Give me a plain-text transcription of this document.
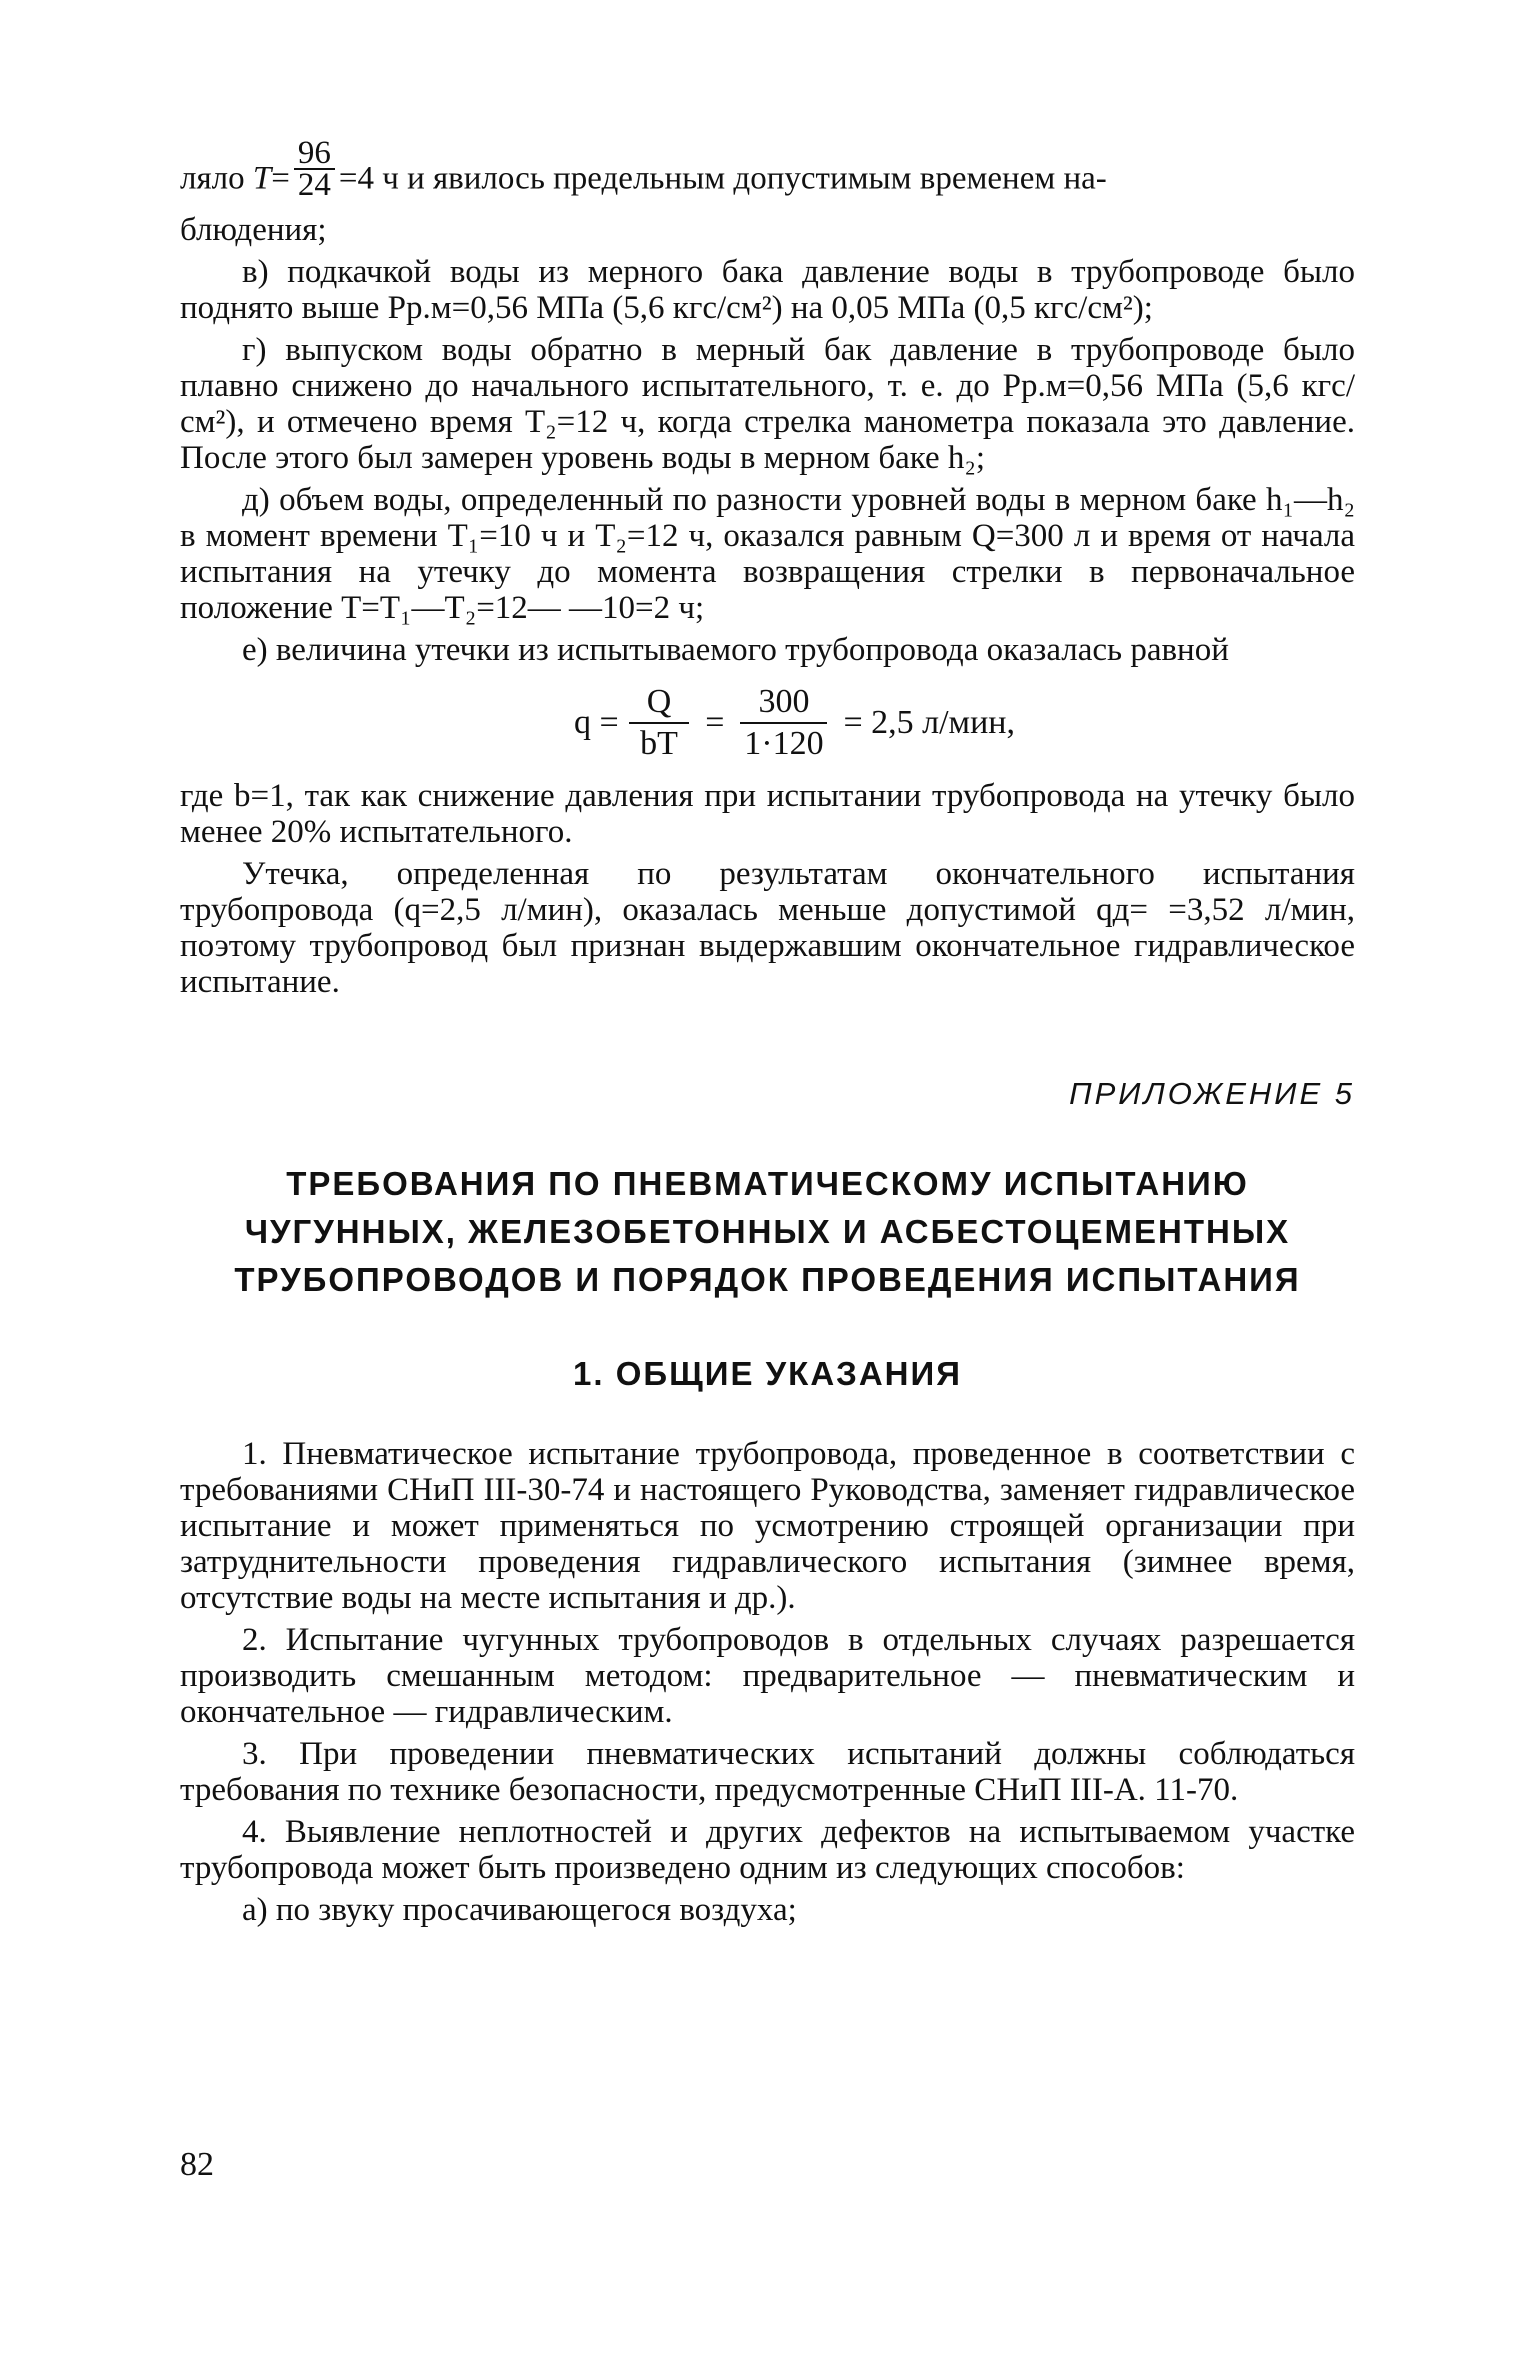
ляло $T= \frac{96}{24} =4$ ч и явилось предельным допустимым временем на-
блюдения;

в) подкачкой воды из мерного бака давление воды в трубопроводе было поднято выше Pр.м=0,56 МПа (5,6 кгс/см²) на 0,05 МПа (0,5 кгс/см²);

г) выпуском воды обратно в мерный бак давление в трубопроводе было плавно снижено до начального испытательного, т. е. до Pр.м=0,56 МПа (5,6 кгс/см²), и отмечено время T₂=12 ч, когда стрелка манометра показала это давление. После этого был замерен уровень воды в мерном баке h₂;

д) объем воды, определенный по разности уровней воды в мерном баке h₁—h₂ в момент времени T₁=10 ч и T₂=12 ч, оказался равным Q=300 л и время от начала испытания на утечку до момента возвращения стрелки в первоначальное положение T=T₁—T₂=12— —10=2 ч;

е) величина утечки из испытываемого трубопровода оказалась равной

$q = \frac{Q}{bT} = \frac{300}{1\cdot 120} = 2,5$ л/мин,

где b=1, так как снижение давления при испытании трубопровода на утечку было менее 20% испытательного.

Утечка, определенная по результатам окончательного испытания трубопровода (q=2,5 л/мин), оказалась меньше допустимой qд= =3,52 л/мин, поэтому трубопровод был признан выдержавшим окончательное гидравлическое испытание.

ПРИЛОЖЕНИЕ 5

ТРЕБОВАНИЯ ПО ПНЕВМАТИЧЕСКОМУ ИСПЫТАНИЮ

ЧУГУННЫХ, ЖЕЛЕЗОБЕТОННЫХ И АСБЕСТОЦЕМЕНТНЫХ

ТРУБОПРОВОДОВ И ПОРЯДОК ПРОВЕДЕНИЯ ИСПЫТАНИЯ

1. ОБЩИЕ УКАЗАНИЯ

1. Пневматическое испытание трубопровода, проведенное в соответствии с требованиями СНиП III-30-74 и настоящего Руководства, заменяет гидравлическое испытание и может применяться по усмотрению строящей организации при затруднительности проведения гидравлического испытания (зимнее время, отсутствие воды на месте испытания и др.).

2. Испытание чугунных трубопроводов в отдельных случаях разрешается производить смешанным методом: предварительное — пневматическим и окончательное — гидравлическим.

3. При проведении пневматических испытаний должны соблюдаться требования по технике безопасности, предусмотренные СНиП III-А. 11-70.

4. Выявление неплотностей и других дефектов на испытываемом участке трубопровода может быть произведено одним из следующих способов:

а) по звуку просачивающегося воздуха;

82
